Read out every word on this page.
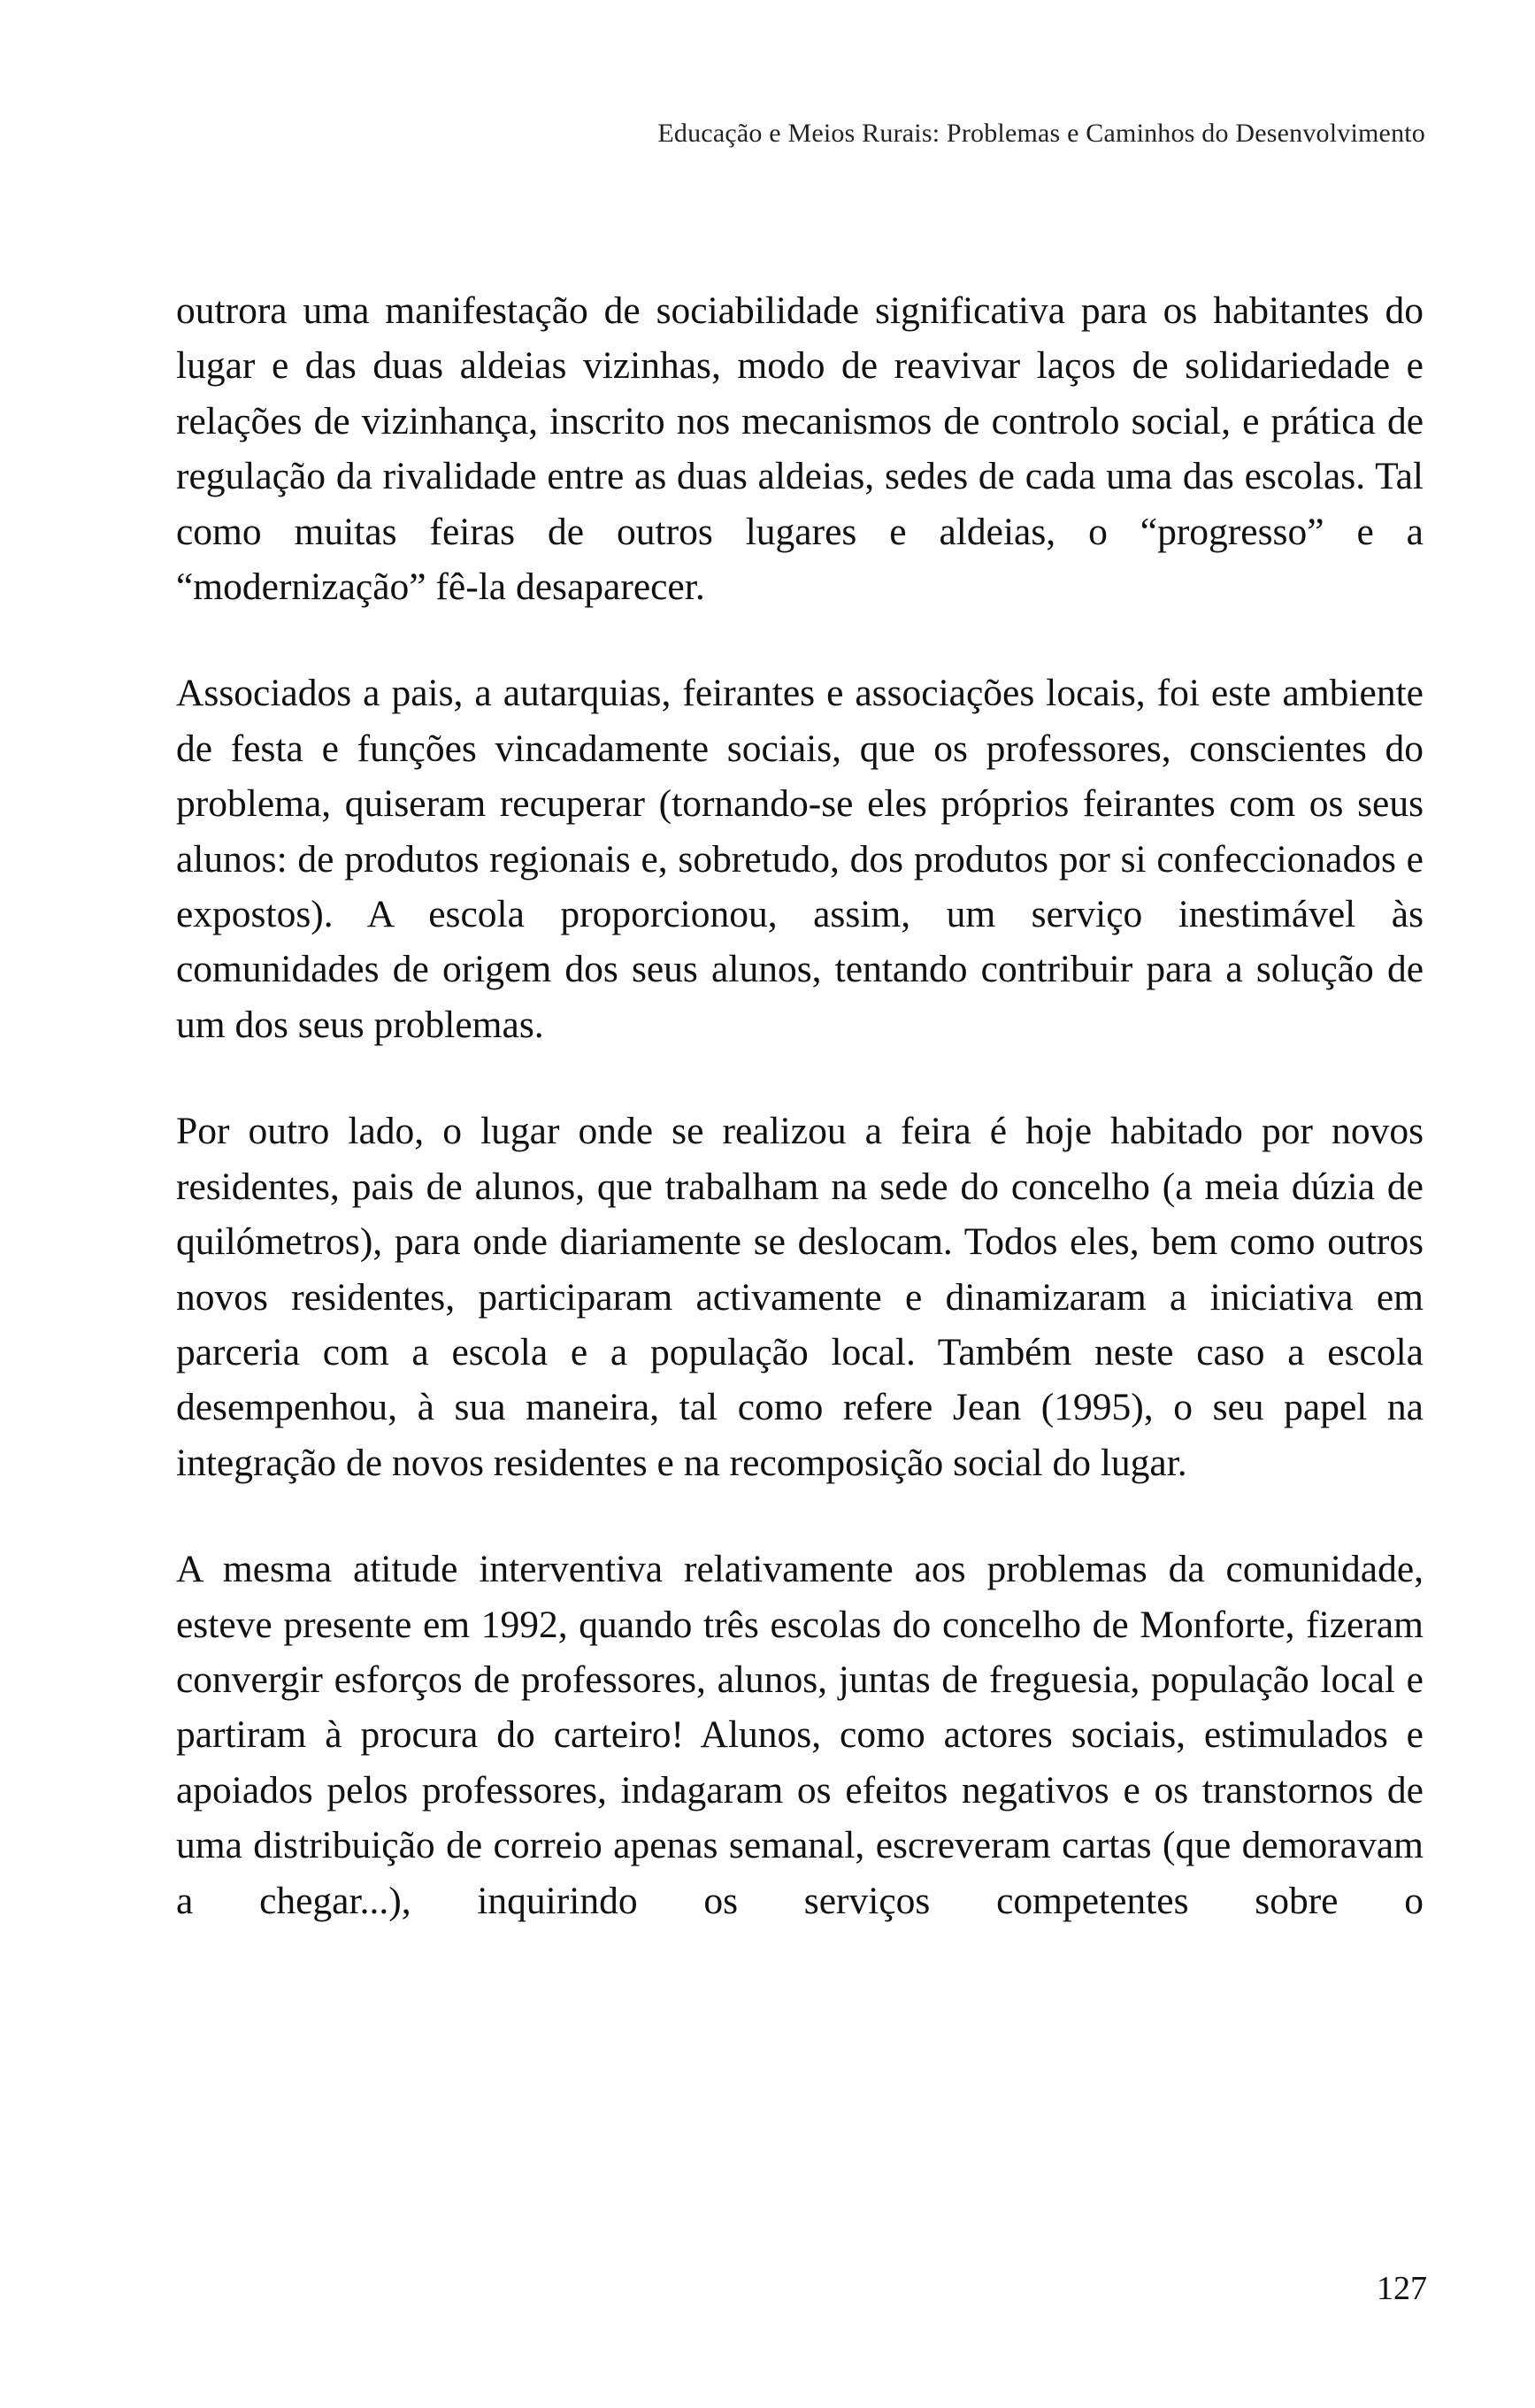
Educação e Meios Rurais: Problemas e Caminhos do Desenvolvimento

outrora uma manifestação de sociabilidade significativa para os habitantes do lugar e das duas aldeias vizinhas, modo de reavivar laços de solidariedade e relações de vizinhança, inscrito nos mecanismos de controlo social, e prática de regulação da rivalidade entre as duas aldeias, sedes de cada uma das escolas. Tal como muitas feiras de outros lugares e aldeias, o “progresso” e a “modernização” fê-la desaparecer.

Associados a pais, a autarquias, feirantes e associações locais, foi este ambiente de festa e funções vincadamente sociais, que os professores, conscientes do problema, quiseram recuperar (tornando-se eles próprios feirantes com os seus alunos: de produtos regionais e, sobretudo, dos produtos por si confeccionados e expostos). A escola proporcionou, assim, um serviço inestimável às comunidades de origem dos seus alunos, tentando contribuir para a solução de um dos seus problemas.

Por outro lado, o lugar onde se realizou a feira é hoje habitado por novos residentes, pais de alunos, que trabalham na sede do concelho (a meia dúzia de quilómetros), para onde diariamente se deslocam. Todos eles, bem como outros novos residentes, participaram activamente e dinamizaram a iniciativa em parceria com a escola e a população local. Também neste caso a escola desempenhou, à sua maneira, tal como refere Jean (1995), o seu papel na integração de novos residentes e na recomposição social do lugar.

A mesma atitude interventiva relativamente aos problemas da comunidade, esteve presente em 1992, quando três escolas do concelho de Monforte, fizeram convergir esforços de professores, alunos, juntas de freguesia, população local e partiram à procura do carteiro! Alunos, como actores sociais, estimulados e apoiados pelos professores, indagaram os efeitos negativos e os transtornos de uma distribuição de correio apenas semanal, escreveram cartas (que demoravam a chegar...), inquirindo os serviços competentes sobre o

127
